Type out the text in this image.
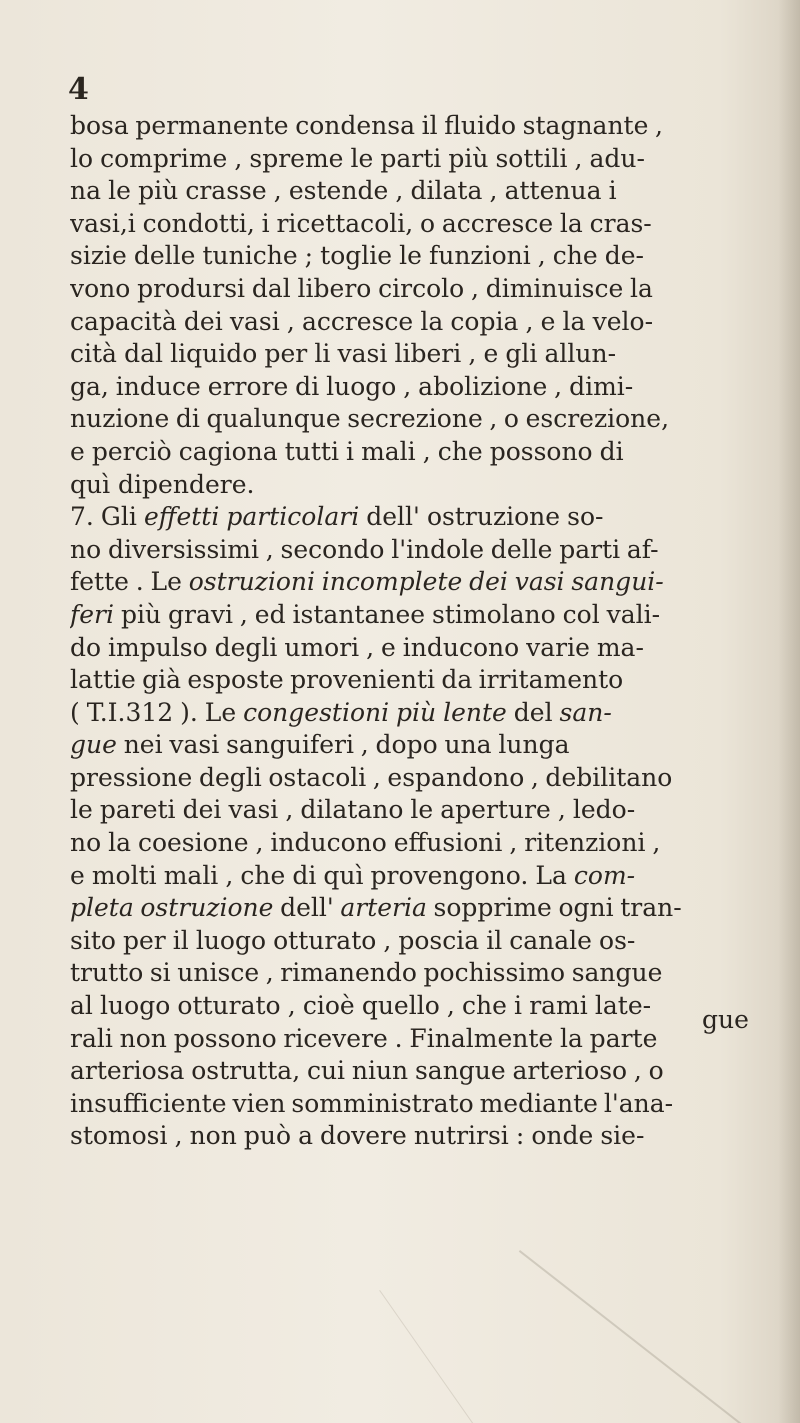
4
bosa permanente condensa il fluido stagnante ,
lo comprime , spreme le parti più sottili , adu-
na le più crasse , estende , dilata , attenua i
vasi,i condotti, i ricettacoli, o accresce la cras-
sizie delle tuniche ; toglie le funzioni , che de-
vono prodursi dal libero circolo , diminuisce la
capacità dei vasi , accresce la copia , e la velo-
cità dal liquido per li vasi liberi , e gli allun-
ga, induce errore di luogo , abolizione , dimi-
nuzione di qualunque secrezione , o escrezione,
e perciò cagiona tutti i mali , che possono di
quì dipendere.
7. Gli effetti particolari dell' ostruzione so-
no diversissimi , secondo l'indole delle parti af-
fette . Le ostruzioni incomplete dei vasi sangui-
feri più gravi , ed istantanee stimolano col vali-
do impulso degli umori , e inducono varie ma-
lattie già esposte provenienti da irritamento
( T.I.312 ). Le congestioni più lente del san-
gue nei vasi sanguiferi , dopo una lunga
pressione degli ostacoli , espandono , debilitano
le pareti dei vasi , dilatano le aperture , ledo-
no la coesione , inducono effusioni , ritenzioni ,
e molti mali , che di quì provengono. La com-
pleta ostruzione dell' arteria sopprime ogni tran-
sito per il luogo otturato , poscia il canale os-
trutto si unisce , rimanendo pochissimo sangue
al luogo otturato , cioè quello , che i rami late-
rali non possono ricevere . Finalmente la parte
arteriosa ostrutta, cui niun sangue arterioso , o
insufficiente vien somministrato mediante l'ana-
stomosi , non può a dovere nutrirsi : onde sie-
gue
